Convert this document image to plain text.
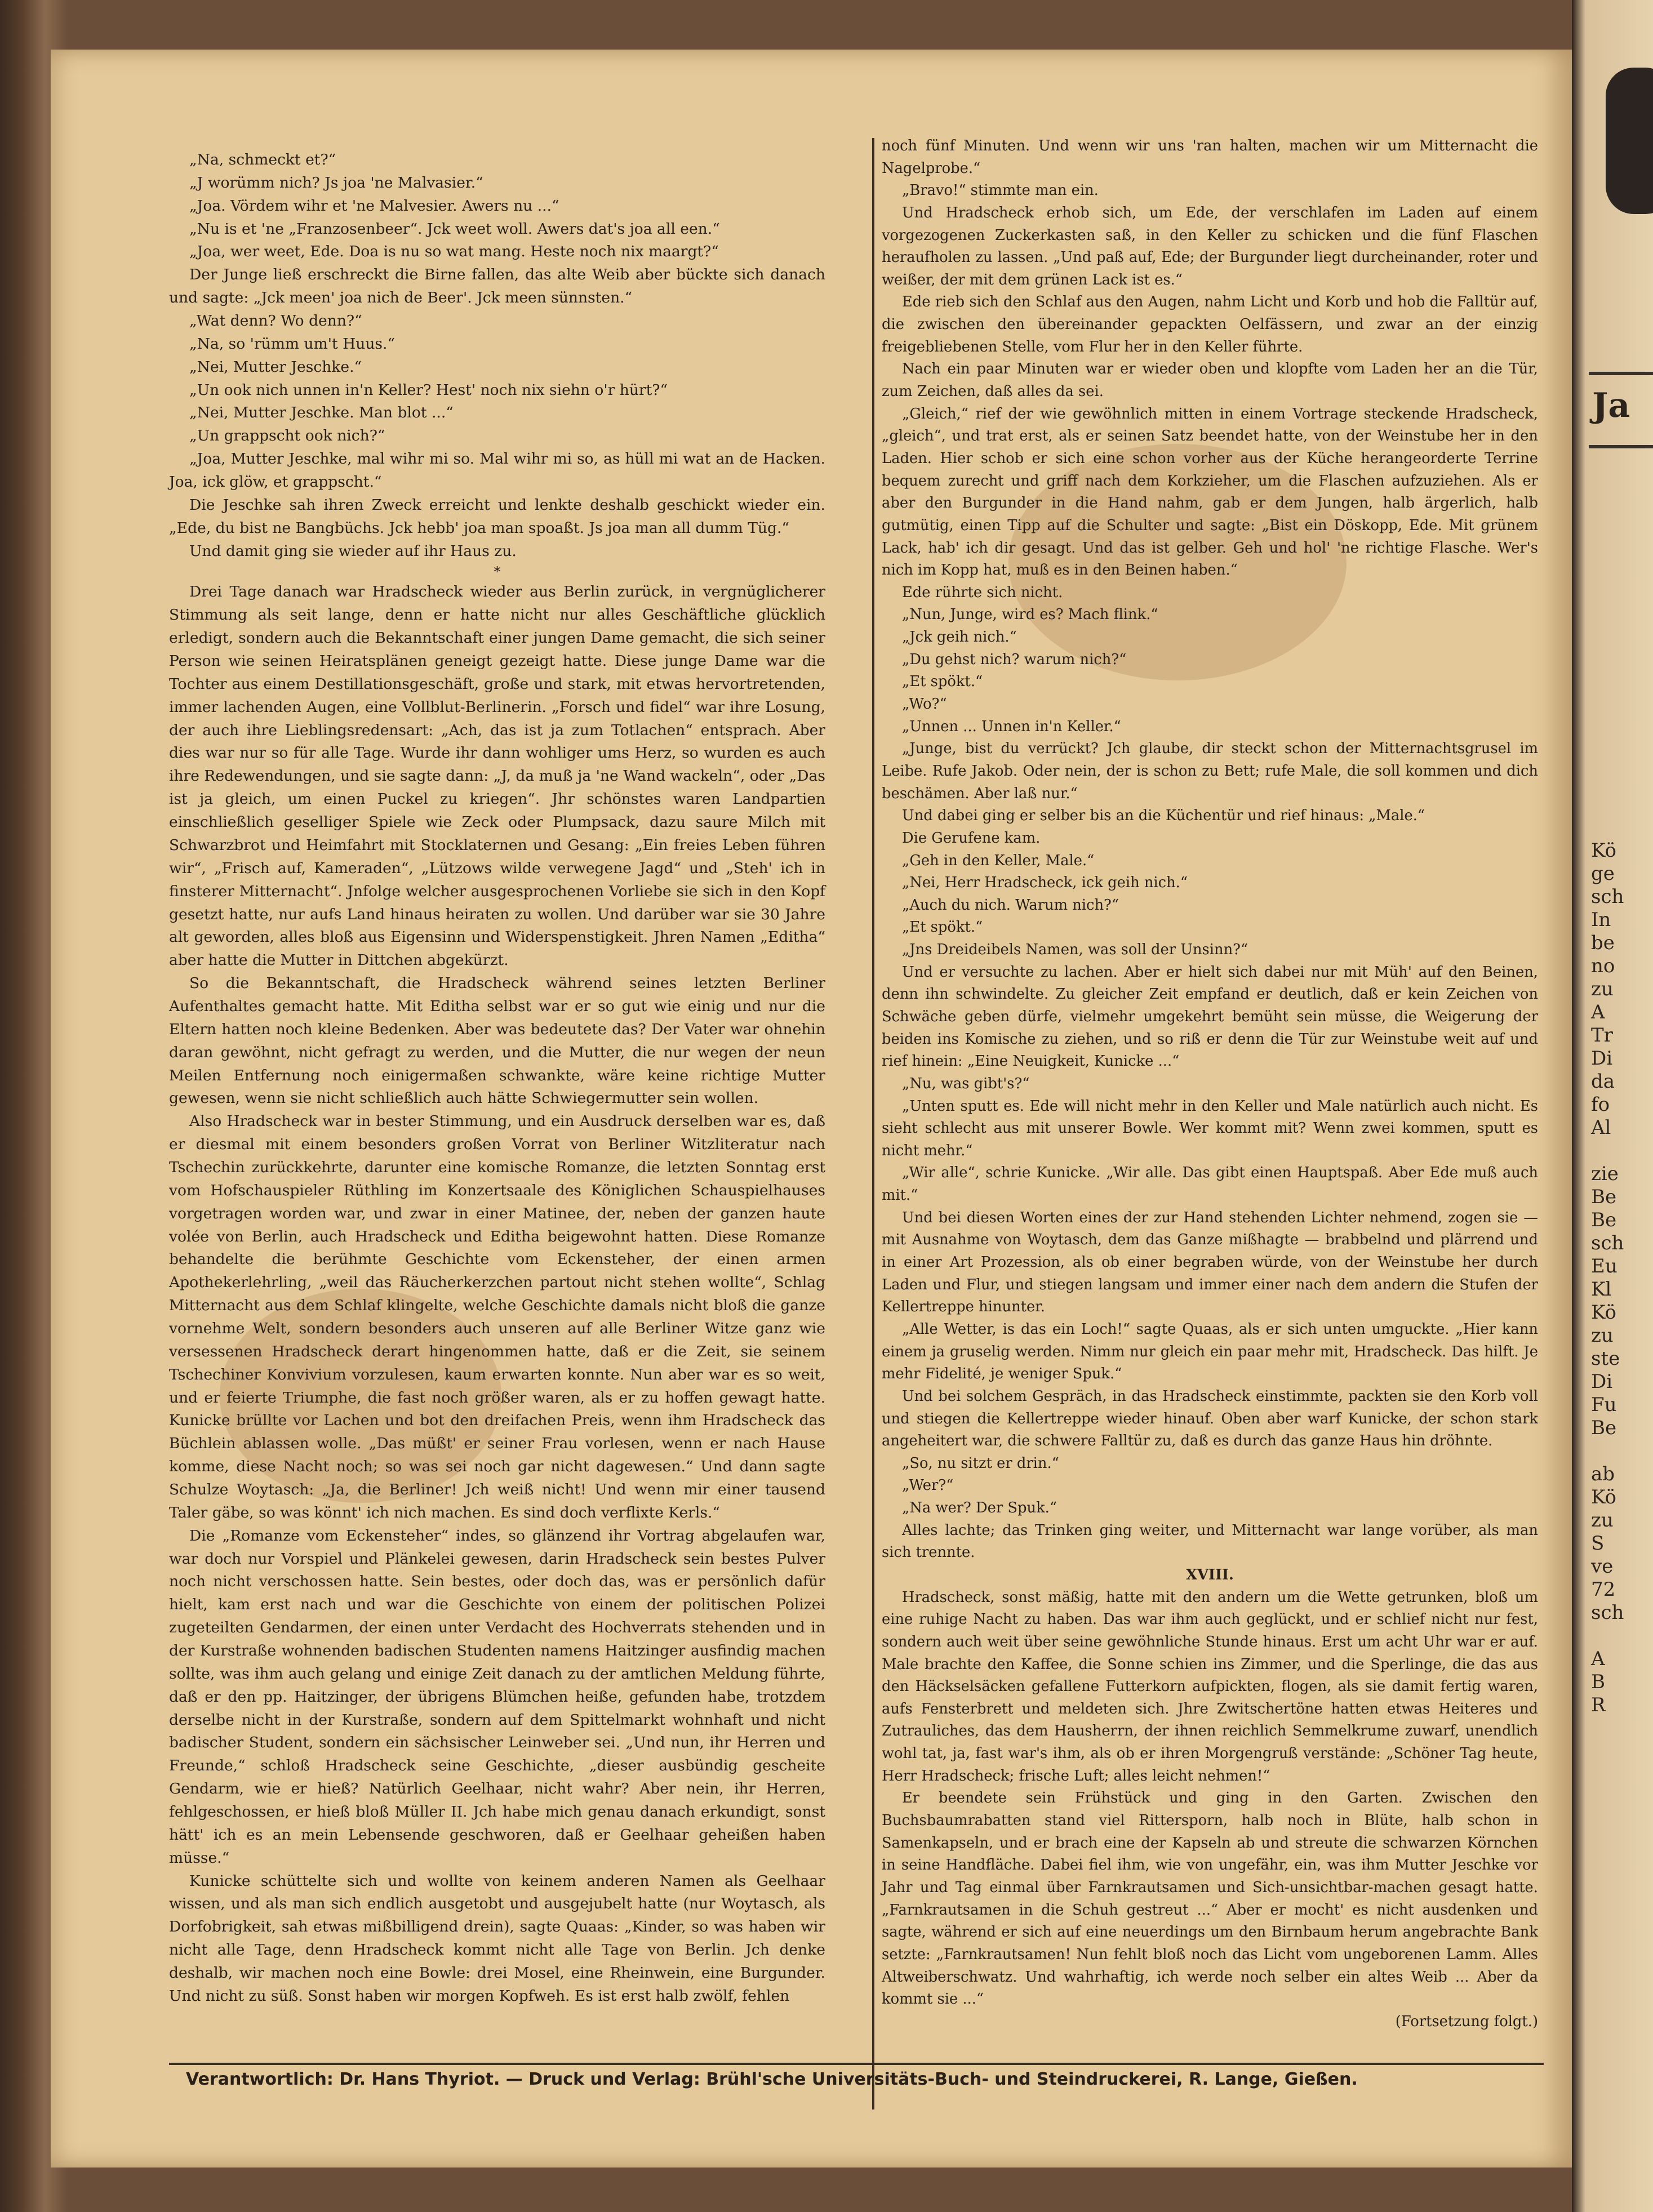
Ja
Kö
ge
sch
In
be
no
zu
A
Tr
Di
da
fo
Al

zie
Be
Be
sch
Eu
Kl
Kö
zu
ste
Di
Fu
Be

ab
Kö
zu
S
ve
72
sch

A
B
R

„Na, schmeckt et?“

„J worümm nich? Js joa 'ne Malvasier.“

„Joa. Vördem wihr et 'ne Malvesier. Awers nu ...“

„Nu is et 'ne „Franzosenbeer“. Jck weet woll. Awers dat's joa all een.“

„Joa, wer weet, Ede. Doa is nu so wat mang. Heste noch nix maargt?“

Der Junge ließ erschreckt die Birne fallen, das alte Weib aber bückte sich danach und sagte: „Jck meen' joa nich de Beer'. Jck meen sünnsten.“

„Wat denn? Wo denn?“

„Na, so 'rümm um't Huus.“

„Nei, Mutter Jeschke.“

„Un ook nich unnen in'n Keller? Hest' noch nix siehn o'r hürt?“

„Nei, Mutter Jeschke. Man blot ...“

„Un grappscht ook nich?“

„Joa, Mutter Jeschke, mal wihr mi so. Mal wihr mi so, as hüll mi wat an de Hacken. Joa, ick glöw, et grappscht.“

Die Jeschke sah ihren Zweck erreicht und lenkte deshalb geschickt wieder ein. „Ede, du bist ne Bangbüchs. Jck hebb' joa man spoaßt. Js joa man all dumm Tüg.“

Und damit ging sie wieder auf ihr Haus zu.

*

Drei Tage danach war Hradscheck wieder aus Berlin zurück, in vergnüglicherer Stimmung als seit lange, denn er hatte nicht nur alles Geschäftliche glücklich erledigt, sondern auch die Bekanntschaft einer jungen Dame gemacht, die sich seiner Person wie seinen Heiratsplänen geneigt gezeigt hatte. Diese junge Dame war die Tochter aus einem Destillationsgeschäft, große und stark, mit etwas hervortretenden, immer lachenden Augen, eine Vollblut-Berlinerin. „Forsch und fidel“ war ihre Losung, der auch ihre Lieblingsredensart: „Ach, das ist ja zum Totlachen“ entsprach. Aber dies war nur so für alle Tage. Wurde ihr dann wohliger ums Herz, so wurden es auch ihre Redewendungen, und sie sagte dann: „J, da muß ja 'ne Wand wackeln“, oder „Das ist ja gleich, um einen Puckel zu kriegen“. Jhr schönstes waren Landpartien einschließlich geselliger Spiele wie Zeck oder Plumpsack, dazu saure Milch mit Schwarzbrot und Heimfahrt mit Stocklaternen und Gesang: „Ein freies Leben führen wir“, „Frisch auf, Kameraden“, „Lützows wilde verwegene Jagd“ und „Steh' ich in finsterer Mitternacht“. Jnfolge welcher ausgesprochenen Vorliebe sie sich in den Kopf gesetzt hatte, nur aufs Land hinaus heiraten zu wollen. Und darüber war sie 30 Jahre alt geworden, alles bloß aus Eigensinn und Widerspenstigkeit. Jhren Namen „Editha“ aber hatte die Mutter in Dittchen abgekürzt.

So die Bekanntschaft, die Hradscheck während seines letzten Berliner Aufenthaltes gemacht hatte. Mit Editha selbst war er so gut wie einig und nur die Eltern hatten noch kleine Bedenken. Aber was bedeutete das? Der Vater war ohnehin daran gewöhnt, nicht gefragt zu werden, und die Mutter, die nur wegen der neun Meilen Entfernung noch einigermaßen schwankte, wäre keine richtige Mutter gewesen, wenn sie nicht schließlich auch hätte Schwiegermutter sein wollen.

Also Hradscheck war in bester Stimmung, und ein Ausdruck derselben war es, daß er diesmal mit einem besonders großen Vorrat von Berliner Witzliteratur nach Tschechin zurückkehrte, darunter eine komische Romanze, die letzten Sonntag erst vom Hofschauspieler Rüthling im Konzertsaale des Königlichen Schauspielhauses vorgetragen worden war, und zwar in einer Matinee, der, neben der ganzen haute volée von Berlin, auch Hradscheck und Editha beigewohnt hatten. Diese Romanze behandelte die berühmte Geschichte vom Eckensteher, der einen armen Apothekerlehrling, „weil das Räucherkerzchen partout nicht stehen wollte“, Schlag Mitternacht aus dem Schlaf klingelte, welche Geschichte damals nicht bloß die ganze vornehme Welt, sondern besonders auch unseren auf alle Berliner Witze ganz wie versessenen Hradscheck derart hingenommen hatte, daß er die Zeit, sie seinem Tschechiner Konvivium vorzulesen, kaum erwarten konnte. Nun aber war es so weit, und er feierte Triumphe, die fast noch größer waren, als er zu hoffen gewagt hatte. Kunicke brüllte vor Lachen und bot den dreifachen Preis, wenn ihm Hradscheck das Büchlein ablassen wolle. „Das müßt' er seiner Frau vorlesen, wenn er nach Hause komme, diese Nacht noch; so was sei noch gar nicht dagewesen.“ Und dann sagte Schulze Woytasch: „Ja, die Berliner! Jch weiß nicht! Und wenn mir einer tausend Taler gäbe, so was könnt' ich nich machen. Es sind doch verflixte Kerls.“

Die „Romanze vom Eckensteher“ indes, so glänzend ihr Vortrag abgelaufen war, war doch nur Vorspiel und Plänkelei gewesen, darin Hradscheck sein bestes Pulver noch nicht verschossen hatte. Sein bestes, oder doch das, was er persönlich dafür hielt, kam erst nach und war die Geschichte von einem der politischen Polizei zugeteilten Gendarmen, der einen unter Verdacht des Hochverrats stehenden und in der Kurstraße wohnenden badischen Studenten namens Haitzinger ausfindig machen sollte, was ihm auch gelang und einige Zeit danach zu der amtlichen Meldung führte, daß er den pp. Haitzinger, der übrigens Blümchen heiße, gefunden habe, trotzdem derselbe nicht in der Kurstraße, sondern auf dem Spittelmarkt wohnhaft und nicht badischer Student, sondern ein sächsischer Leinweber sei. „Und nun, ihr Herren und Freunde,“ schloß Hradscheck seine Geschichte, „dieser ausbündig gescheite Gendarm, wie er hieß? Natürlich Geelhaar, nicht wahr? Aber nein, ihr Herren, fehlgeschossen, er hieß bloß Müller II. Jch habe mich genau danach erkundigt, sonst hätt' ich es an mein Lebensende geschworen, daß er Geelhaar geheißen haben müsse.“

Kunicke schüttelte sich und wollte von keinem anderen Namen als Geelhaar wissen, und als man sich endlich ausgetobt und ausgejubelt hatte (nur Woytasch, als Dorfobrigkeit, sah etwas mißbilligend drein), sagte Quaas: „Kinder, so was haben wir nicht alle Tage, denn Hradscheck kommt nicht alle Tage von Berlin. Jch denke deshalb, wir machen noch eine Bowle: drei Mosel, eine Rheinwein, eine Burgunder. Und nicht zu süß. Sonst haben wir morgen Kopfweh. Es ist erst halb zwölf, fehlen

noch fünf Minuten. Und wenn wir uns 'ran halten, machen wir um Mitternacht die Nagelprobe.“

„Bravo!“ stimmte man ein.

Und Hradscheck erhob sich, um Ede, der verschlafen im Laden auf einem vorgezogenen Zuckerkasten saß, in den Keller zu schicken und die fünf Flaschen heraufholen zu lassen. „Und paß auf, Ede; der Burgunder liegt durcheinander, roter und weißer, der mit dem grünen Lack ist es.“

Ede rieb sich den Schlaf aus den Augen, nahm Licht und Korb und hob die Falltür auf, die zwischen den übereinander gepackten Oelfässern, und zwar an der einzig freigebliebenen Stelle, vom Flur her in den Keller führte.

Nach ein paar Minuten war er wieder oben und klopfte vom Laden her an die Tür, zum Zeichen, daß alles da sei.

„Gleich,“ rief der wie gewöhnlich mitten in einem Vortrage steckende Hradscheck, „gleich“, und trat erst, als er seinen Satz beendet hatte, von der Weinstube her in den Laden. Hier schob er sich eine schon vorher aus der Küche herangeorderte Terrine bequem zurecht und griff nach dem Korkzieher, um die Flaschen aufzuziehen. Als er aber den Burgunder in die Hand nahm, gab er dem Jungen, halb ärgerlich, halb gutmütig, einen Tipp auf die Schulter und sagte: „Bist ein Döskopp, Ede. Mit grünem Lack, hab' ich dir gesagt. Und das ist gelber. Geh und hol' 'ne richtige Flasche. Wer's nich im Kopp hat, muß es in den Beinen haben.“

Ede rührte sich nicht.

„Nun, Junge, wird es? Mach flink.“

„Jck geih nich.“

„Du gehst nich? warum nich?“

„Et spökt.“

„Wo?“

„Unnen ... Unnen in'n Keller.“

„Junge, bist du verrückt? Jch glaube, dir steckt schon der Mitternachtsgrusel im Leibe. Rufe Jakob. Oder nein, der is schon zu Bett; rufe Male, die soll kommen und dich beschämen. Aber laß nur.“

Und dabei ging er selber bis an die Küchentür und rief hinaus: „Male.“

Die Gerufene kam.

„Geh in den Keller, Male.“

„Nei, Herr Hradscheck, ick geih nich.“

„Auch du nich. Warum nich?“

„Et spökt.“

„Jns Dreideibels Namen, was soll der Unsinn?“

Und er versuchte zu lachen. Aber er hielt sich dabei nur mit Müh' auf den Beinen, denn ihn schwindelte. Zu gleicher Zeit empfand er deutlich, daß er kein Zeichen von Schwäche geben dürfe, vielmehr umgekehrt bemüht sein müsse, die Weigerung der beiden ins Komische zu ziehen, und so riß er denn die Tür zur Weinstube weit auf und rief hinein: „Eine Neuigkeit, Kunicke ...“

„Nu, was gibt's?“

„Unten sputt es. Ede will nicht mehr in den Keller und Male natürlich auch nicht. Es sieht schlecht aus mit unserer Bowle. Wer kommt mit? Wenn zwei kommen, sputt es nicht mehr.“

„Wir alle“, schrie Kunicke. „Wir alle. Das gibt einen Hauptspaß. Aber Ede muß auch mit.“

Und bei diesen Worten eines der zur Hand stehenden Lichter nehmend, zogen sie — mit Ausnahme von Woytasch, dem das Ganze mißhagte — brabbelnd und plärrend und in einer Art Prozession, als ob einer begraben würde, von der Weinstube her durch Laden und Flur, und stiegen langsam und immer einer nach dem andern die Stufen der Kellertreppe hinunter.

„Alle Wetter, is das ein Loch!“ sagte Quaas, als er sich unten umguckte. „Hier kann einem ja gruselig werden. Nimm nur gleich ein paar mehr mit, Hradscheck. Das hilft. Je mehr Fidelité, je weniger Spuk.“

Und bei solchem Gespräch, in das Hradscheck einstimmte, packten sie den Korb voll und stiegen die Kellertreppe wieder hinauf. Oben aber warf Kunicke, der schon stark angeheitert war, die schwere Falltür zu, daß es durch das ganze Haus hin dröhnte.

„So, nu sitzt er drin.“

„Wer?“

„Na wer? Der Spuk.“

Alles lachte; das Trinken ging weiter, und Mitternacht war lange vorüber, als man sich trennte.

XVIII.

Hradscheck, sonst mäßig, hatte mit den andern um die Wette getrunken, bloß um eine ruhige Nacht zu haben. Das war ihm auch geglückt, und er schlief nicht nur fest, sondern auch weit über seine gewöhnliche Stunde hinaus. Erst um acht Uhr war er auf. Male brachte den Kaffee, die Sonne schien ins Zimmer, und die Sperlinge, die das aus den Häckselsäcken gefallene Futterkorn aufpickten, flogen, als sie damit fertig waren, aufs Fensterbrett und meldeten sich. Jhre Zwitschertöne hatten etwas Heiteres und Zutrauliches, das dem Hausherrn, der ihnen reichlich Semmelkrume zuwarf, unendlich wohl tat, ja, fast war's ihm, als ob er ihren Morgengruß verstände: „Schöner Tag heute, Herr Hradscheck; frische Luft; alles leicht nehmen!“

Er beendete sein Frühstück und ging in den Garten. Zwischen den Buchsbaumrabatten stand viel Rittersporn, halb noch in Blüte, halb schon in Samenkapseln, und er brach eine der Kapseln ab und streute die schwarzen Körnchen in seine Handfläche. Dabei fiel ihm, wie von ungefähr, ein, was ihm Mutter Jeschke vor Jahr und Tag einmal über Farnkrautsamen und Sich-unsichtbar-machen gesagt hatte. „Farnkrautsamen in die Schuh gestreut ...“ Aber er mocht' es nicht ausdenken und sagte, während er sich auf eine neuerdings um den Birnbaum herum angebrachte Bank setzte: „Farnkrautsamen! Nun fehlt bloß noch das Licht vom ungeborenen Lamm. Alles Altweiberschwatz. Und wahrhaftig, ich werde noch selber ein altes Weib ... Aber da kommt sie ...“

(Fortsetzung folgt.)

Verantwortlich: Dr. Hans Thyriot. — Druck und Verlag: Brühl'sche Universitäts-Buch- und Steindruckerei, R. Lange, Gießen.
